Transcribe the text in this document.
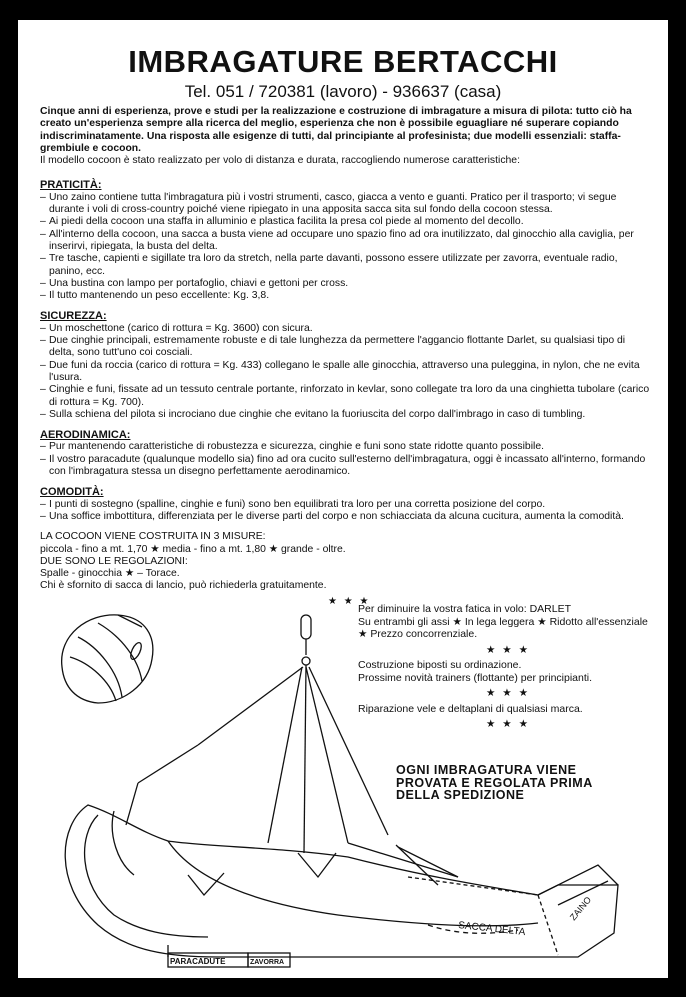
IMBRAGATURE BERTACCHI
Tel. 051 / 720381 (lavoro) - 936637 (casa)

Cinque anni di esperienza, prove e studi per la realizzazione e costruzione di imbragature a misura di pilota: tutto ciò ha creato un'esperienza sempre alla ricerca del meglio, esperienza che non è possibile eguagliare né superare copiando indiscriminatamente. Una risposta alle esigenze di tutti, dal principiante al profesinista; due modelli essenziali: staffa-grembiule e cocoon.

Il modello cocoon è stato realizzato per volo di distanza e durata, raccogliendo numerose caratteristiche:

PRATICITÀ:
– Uno zaino contiene tutta l'imbragatura più i vostri strumenti, casco, giacca a vento e guanti. Pratico per il trasporto; vi segue durante i voli di cross-country poiché viene ripiegato in una apposita sacca sita sul fondo della cocoon stessa.
– Ai piedi della cocoon una staffa in alluminio e plastica facilita la presa col piede al momento del decollo.
– All'interno della cocoon, una sacca a busta viene ad occupare uno spazio fino ad ora inutilizzato, dal ginocchio alla caviglia, per inserirvi, ripiegata, la busta del delta.
– Tre tasche, capienti e sigillate tra loro da stretch, nella parte davanti, possono essere utilizzate per zavorra, eventuale radio, panino, ecc.
– Una bustina con lampo per portafoglio, chiavi e gettoni per cross.
– Il tutto mantenendo un peso eccellente: Kg. 3,8.
SICUREZZA:
– Un moschettone (carico di rottura = Kg. 3600) con sicura.
– Due cinghie principali, estremamente robuste e di tale lunghezza da permettere l'aggancio flottante Darlet, su qualsiasi tipo di delta, sono tutt'uno coi cosciali.
– Due funi da roccia (carico di rottura = Kg. 433) collegano le spalle alle ginocchia, attraverso una puleggina, in nylon, che ne evita l'usura.
– Cinghie e funi, fissate ad un tessuto centrale portante, rinforzato in kevlar, sono collegate tra loro da una cinghietta tubolare (carico di rottura = Kg. 700).
– Sulla schiena del pilota si incrociano due cinghie che evitano la fuoriuscita del corpo dall'imbrago in caso di tumbling.
AERODINAMICA:
– Pur mantenendo caratteristiche di robustezza e sicurezza, cinghie e funi sono state ridotte quanto possibile.
– Il vostro paracadute (qualunque modello sia) fino ad ora cucito sull'esterno dell'imbragatura, oggi è incassato all'interno, formando con l'imbragatura stessa un disegno perfettamente aerodinamico.
COMODITÀ:
– I punti di sostegno (spalline, cinghie e funi) sono ben equilibrati tra loro per una corretta posizione del corpo.
– Una soffice imbottitura, differenziata per le diverse parti del corpo e non schiacciata da alcuna cucitura, aumenta la comodità.

LA COCOON VIENE COSTRUITA IN 3 MISURE:

piccola - fino a mt. 1,70 ★ media - fino a mt. 1,80 ★ grande - oltre.

DUE SONO LE REGOLAZIONI:

Spalle - ginocchia ★ – Torace.

Chi è sfornito di sacca di lancio, può richiederla gratuitamente.

PARACADUTE	ZAVORRA
SACCA DELTA
ZAINO
★ ★ ★

Per diminuire la vostra fatica in volo: DARLET

Su entrambi gli assi ★ In lega leggera ★ Ridotto all'essenziale ★ Prezzo concorrenziale.

★ ★ ★

Costruzione biposti su ordinazione.

Prossime novità trainers (flottante) per principianti.

★ ★ ★

Riparazione vele e deltaplani di qualsiasi marca.

★ ★ ★

OGNI IMBRAGATURA VIENE
PROVATA E REGOLATA PRIMA
DELLA SPEDIZIONE
